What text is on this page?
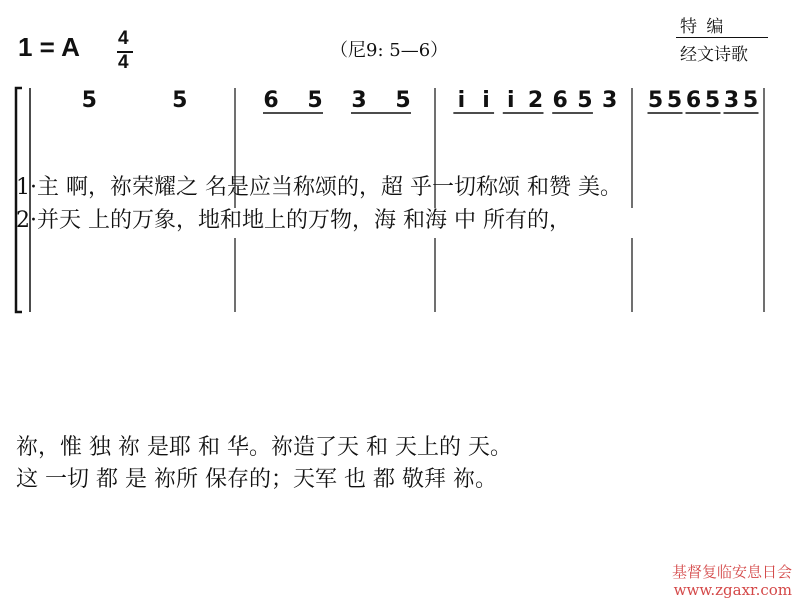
1 = A 4
4
（尼9: 5—6）
特 编
经文诗歌
5	5	6 5 3 5 i i i 2 6 5 3 5 5 6 5 3 5
1·主 啊，祢荣耀之 名是应当称颂的，超 乎一切称颂 和赞 美。
2·并天 上的万象，地和地上的万物，海 和海 中 所有的，
祢，惟 独 祢 是耶 和 华。祢造了天 和 天上的 天。
这 一切 都 是 祢所 保存的；天军 也 都 敬拜 祢。
基督复临安息日会
www.zgaxr.com
